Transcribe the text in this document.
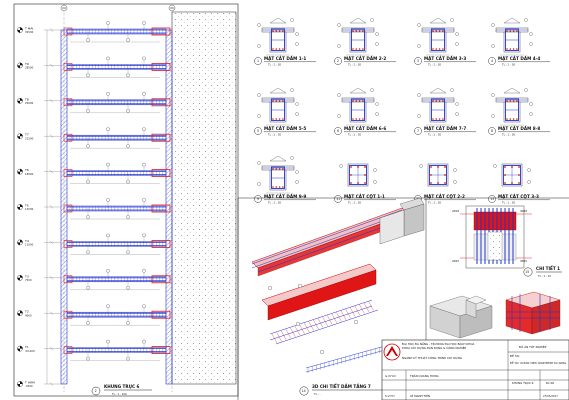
(6)	(8)
T MÁI
32500
T9
28500
T8
25000
T7
21500
T6
18000
T5
14500
T4
11000
T3
7500
T2
4000
T1
±0.000
T HẦM
-3500
2
KHUNG TRỤC 6
TL : 1 : 100
1 MẶT CẮT DẦM 1-1
TL : 1 : 30
2 MẶT CẮT DẦM 2-2
TL : 1 : 30
3 MẶT CẮT DẦM 3-3
TL : 1 : 30
4 MẶT CẮT DẦM 4-4
TL : 1 : 30
5 MẶT CẮT DẦM 5-5
TL : 1 : 30
6 MẶT CẮT DẦM 6-6
TL : 1 : 30
7 MẶT CẮT DẦM 7-7
TL : 1 : 30
8 MẶT CẮT DẦM 8-8
TL : 1 : 30
9 MẶT CẮT DẦM 9-9
TL : 1 : 30
11 MẶT CẮT CỘT 1-1
TL : 1 : 30
MẶT CẮT CỘT 2-2
TL : 1 : 30
13 MẶT CẮT CỘT 3-3
TL : 1 : 30
14
3D CHI TIẾT DẦM TẦNG 7
TL : -
2Ø18	3Ø18
2Ø25	3Ø25
15
CHI TIẾT 1
TL : 1 : 15
ĐẠI HỌC ĐÀ NẴNG - TRƯỜNG ĐẠI HỌC BÁCH KHOA
KHOA XÂY DỰNG DÂN DỤNG & CÔNG NGHIỆP
NGÀNH KỸ THUẬT CÔNG TRÌNH XÂY DỰNG
ĐỒ ÁN TỐT NGHIỆP
ĐỀ TÀI:
ĐỀ TÀI: OCEAN VIEW APARTMENT DA NANG
G.V.H.D	TRẦN QUANG HƯNG
S.V.T.H	LÊ MẠNH TIẾN
KHUNG TRỤC 6	KC 06
27/05/2017
